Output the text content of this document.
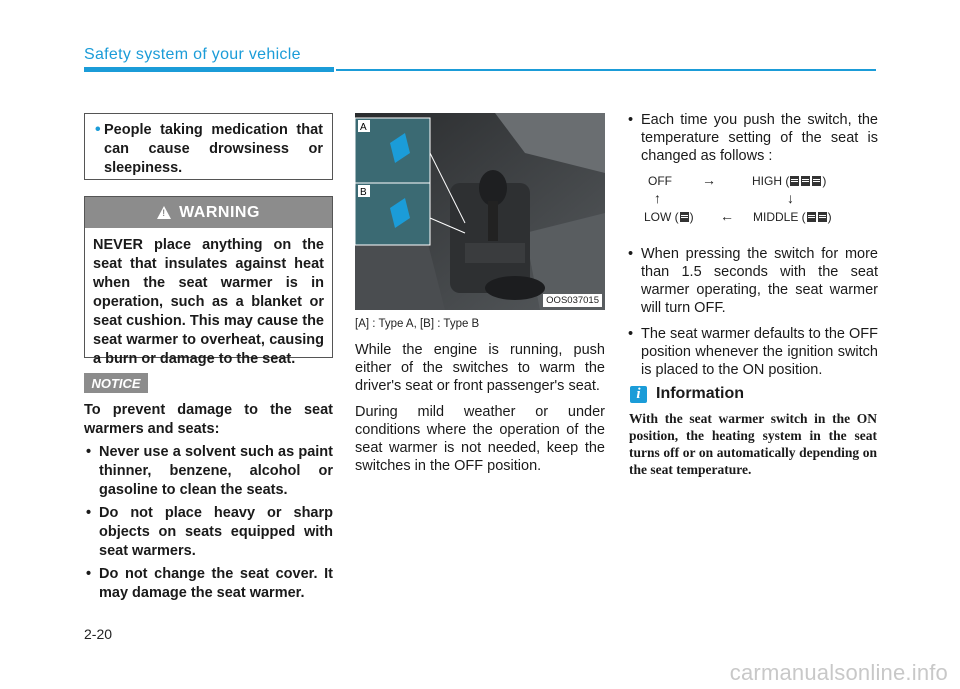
Safety system of your vehicle
• People taking medication that can cause drowsiness or sleepiness.
! WARNING
NEVER place anything on the seat that insulates against heat when the seat warmer is in operation, such as a blanket or seat cushion. This may cause the seat warmer to overheat, causing a burn or damage to the seat.
NOTICE

To prevent damage to the seat warmers and seats:

• Never use a solvent such as paint thinner, benzene, alcohol or gasoline to clean the seats.
• Do not place heavy or sharp objects on seats equipped with seat warmers.
• Do not change the seat cover. It may damage the seat warmer.
A
B
OOS037015
[A] : Type A, [B] : Type B

While the engine is running, push either of the switches to warm the driver's seat or front passenger's seat.

During mild weather or under conditions where the operation of the seat warmer is not needed, keep the switches in the OFF position.

• Each time you push the switch, the temperature setting of the seat is changed as follows :
OFF →	HIGH (	)
↑	↓
LOW ( ) ← MIDDLE ( )
• When pressing the switch for more than 1.5 seconds with the seat warmer operating, the seat warmer will turn OFF.
• The seat warmer defaults to the OFF position whenever the ignition switch is placed to the ON position.
i Information
With the seat warmer switch in the ON position, the heating system in the seat turns off or on automatically depending on the seat temperature.
2-20
carmanualsonline.info
